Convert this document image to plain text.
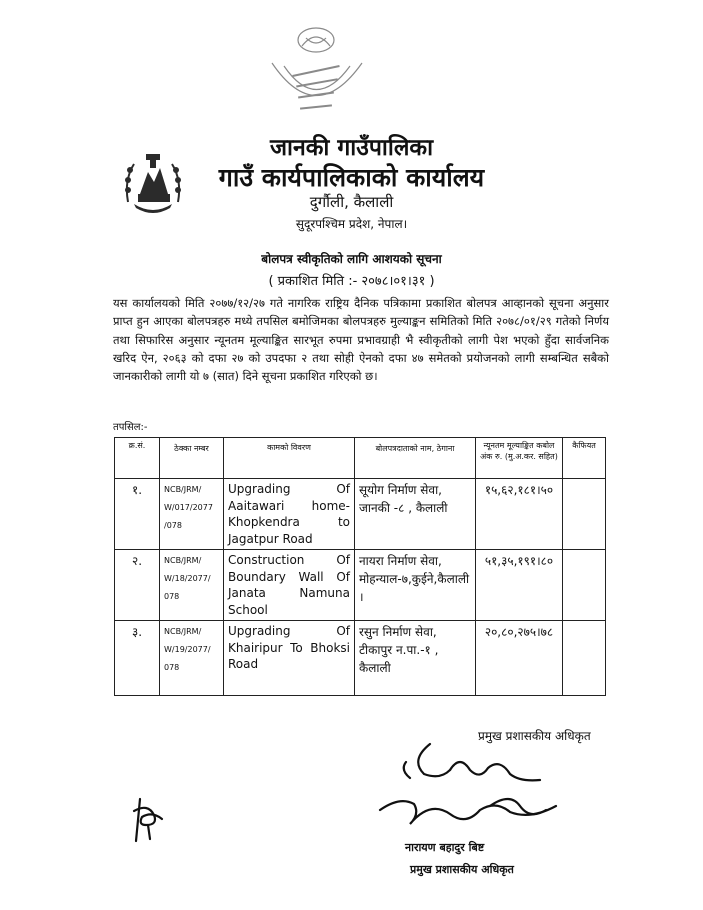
जानकी गाउँपालिका
गाउँ कार्यपालिकाको कार्यालय
दुर्गौली, कैलाली
सुदूरपश्चिम प्रदेश, नेपाल।
बोलपत्र स्वीकृतिको लागि आशयको सूचना
( प्रकाशित मिति :- २०७८।०१।३१ )
यस कार्यालयको मिति २०७७/१२/२७ गते नागरिक राष्ट्रिय दैनिक पत्रिकामा प्रकाशित बोलपत्र आव्हानको सूचना अनुसार प्राप्त हुन आएका बोलपत्रहरु मध्ये तपसिल बमोजिमका बोलपत्रहरु मुल्याङ्कन समितिको मिति २०७८/०१/२९ गतेको निर्णय तथा सिफारिस अनुसार न्यूनतम मूल्याङ्कित सारभूत रुपमा प्रभावग्राही भै स्वीकृतीको लागी पेश भएको हुँदा सार्वजनिक खरिद ऐन, २०६३ को दफा २७ को उपदफा २ तथा सोही ऐनको दफा ४७ समेतको प्रयोजनको लागी सम्बन्धित सबैको जानकारीको लागी यो ७ (सात) दिने सूचना प्रकाशित गरिएको छ।
तपसिल:-
क्र.सं.	ठेक्का नम्बर	कामको विवरण	बोलपत्रदाताको नाम, ठेगाना	न्यूनतम मूल्याङ्कित कबोल अंक रु. (मु.अ.कर. सहित)	कैफियत
१.	NCB/JRM/ W/017/2077 /078	Upgrading Of Aaitawari home-Khopkendra to Jagatpur Road	सूयोग निर्माण सेवा, जानकी -८ , कैलाली	१५,६२,१८१।५०	
२.	NCB/JRM/ W/18/2077/ 078	Construction Of Boundary Wall Of Janata Namuna School	नायरा निर्माण सेवा, मोहन्याल-७,कुईने,कैलाली ।	५१,३५,१९१।८०	
३.	NCB/JRM/ W/19/2077/ 078	Upgrading Of Khairipur To Bhoksi Road	रसुन निर्माण सेवा, टीकापुर न.पा.-१ , कैलाली	२०,८०,२७५।७८	
प्रमुख प्रशासकीय अधिकृत
नारायण बहादुर बिष्ट
प्रमुख प्रशासकीय अधिकृत
